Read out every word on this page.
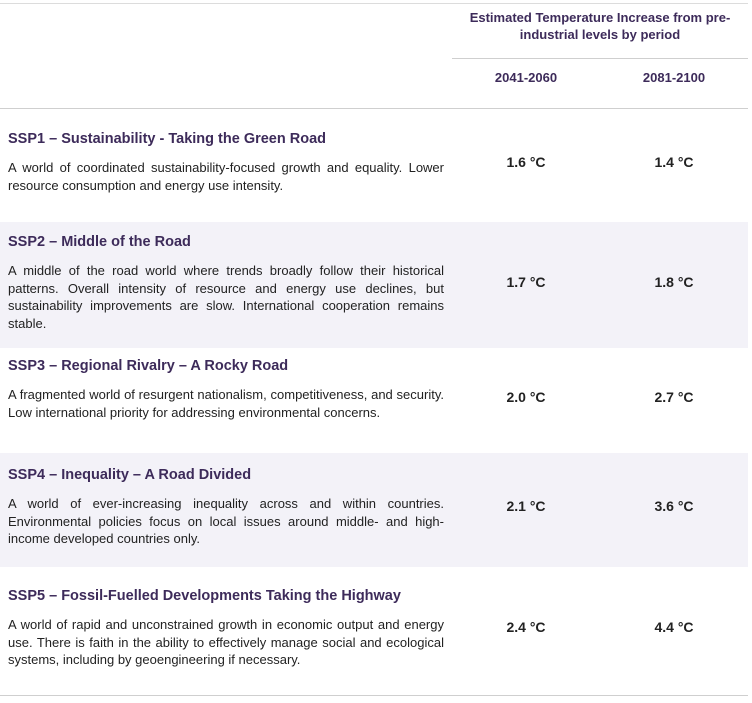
Estimated Temperature Increase from pre-industrial levels by period
2041-2060	2081-2100
SSP1 – Sustainability - Taking the Green Road
A world of coordinated sustainability-focused growth and equality. Lower resource consumption and energy use intensity.
1.6 °C	1.4 °C
SSP2 – Middle of the Road
A middle of the road world where trends broadly follow their historical patterns. Overall intensity of resource and energy use declines, but sustainability improvements are slow. International cooperation remains stable.
1.7 °C	1.8 °C
SSP3 – Regional Rivalry – A Rocky Road
A fragmented world of resurgent nationalism, competitiveness, and security. Low international priority for addressing environmental concerns.
2.0 °C	2.7 °C
SSP4 – Inequality – A Road Divided
A world of ever-increasing inequality across and within countries. Environmental policies focus on local issues around middle- and high-income developed countries only.
2.1 °C	3.6 °C
SSP5 – Fossil-Fuelled Developments Taking the Highway
A world of rapid and unconstrained growth in economic output and energy use. There is faith in the ability to effectively manage social and ecological systems, including by geoengineering if necessary.
2.4 °C	4.4 °C
